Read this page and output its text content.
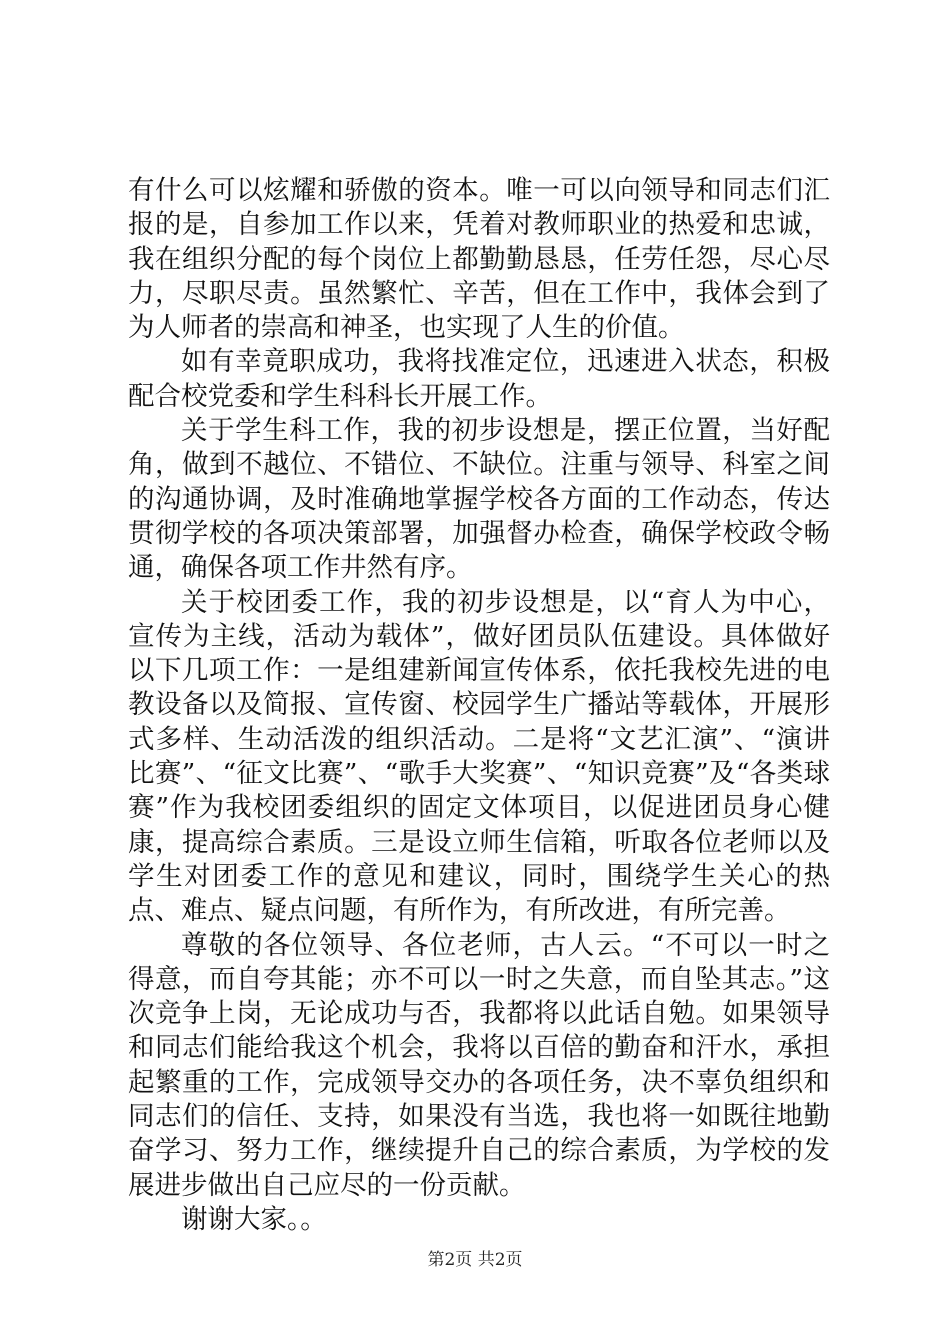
有什么可以炫耀和骄傲的资本。唯一可以向领导和同志们汇报的是，自参加工作以来，凭着对教师职业的热爱和忠诚，我在组织分配的每个岗位上都勤勤恳恳，任劳任怨，尽心尽力，尽职尽责。虽然繁忙、辛苦，但在工作中，我体会到了为人师者的崇高和神圣，也实现了人生的价值。

如有幸竟职成功，我将找准定位，迅速进入状态，积极配合校党委和学生科科长开展工作。

关于学生科工作，我的初步设想是，摆正位置，当好配角，做到不越位、不错位、不缺位。注重与领导、科室之间的沟通协调，及时准确地掌握学校各方面的工作动态，传达贯彻学校的各项决策部署，加强督办检查，确保学校政令畅通，确保各项工作井然有序。

关于校团委工作，我的初步设想是，以“育人为中心，宣传为主线，活动为载体”，做好团员队伍建设。具体做好以下几项工作：一是组建新闻宣传体系，依托我校先进的电教设备以及简报、宣传窗、校园学生广播站等载体，开展形式多样、生动活泼的组织活动。二是将“文艺汇演”、“演讲比赛”、“征文比赛”、“歌手大奖赛”、“知识竞赛”及“各类球赛”作为我校团委组织的固定文体项目，以促进团员身心健康，提高综合素质。三是设立师生信箱，听取各位老师以及学生对团委工作的意见和建议，同时，围绕学生关心的热点、难点、疑点问题，有所作为，有所改进，有所完善。

尊敬的各位领导、各位老师，古人云。“不可以一时之得意，而自夸其能；亦不可以一时之失意，而自坠其志。”这次竞争上岗，无论成功与否，我都将以此话自勉。如果领导和同志们能给我这个机会，我将以百倍的勤奋和汗水，承担起繁重的工作，完成领导交办的各项任务，决不辜负组织和同志们的信任、支持，如果没有当选，我也将一如既往地勤奋学习、努力工作，继续提升自己的综合素质，为学校的发展进步做出自己应尽的一份贡献。

谢谢大家。。

第2页 共2页
